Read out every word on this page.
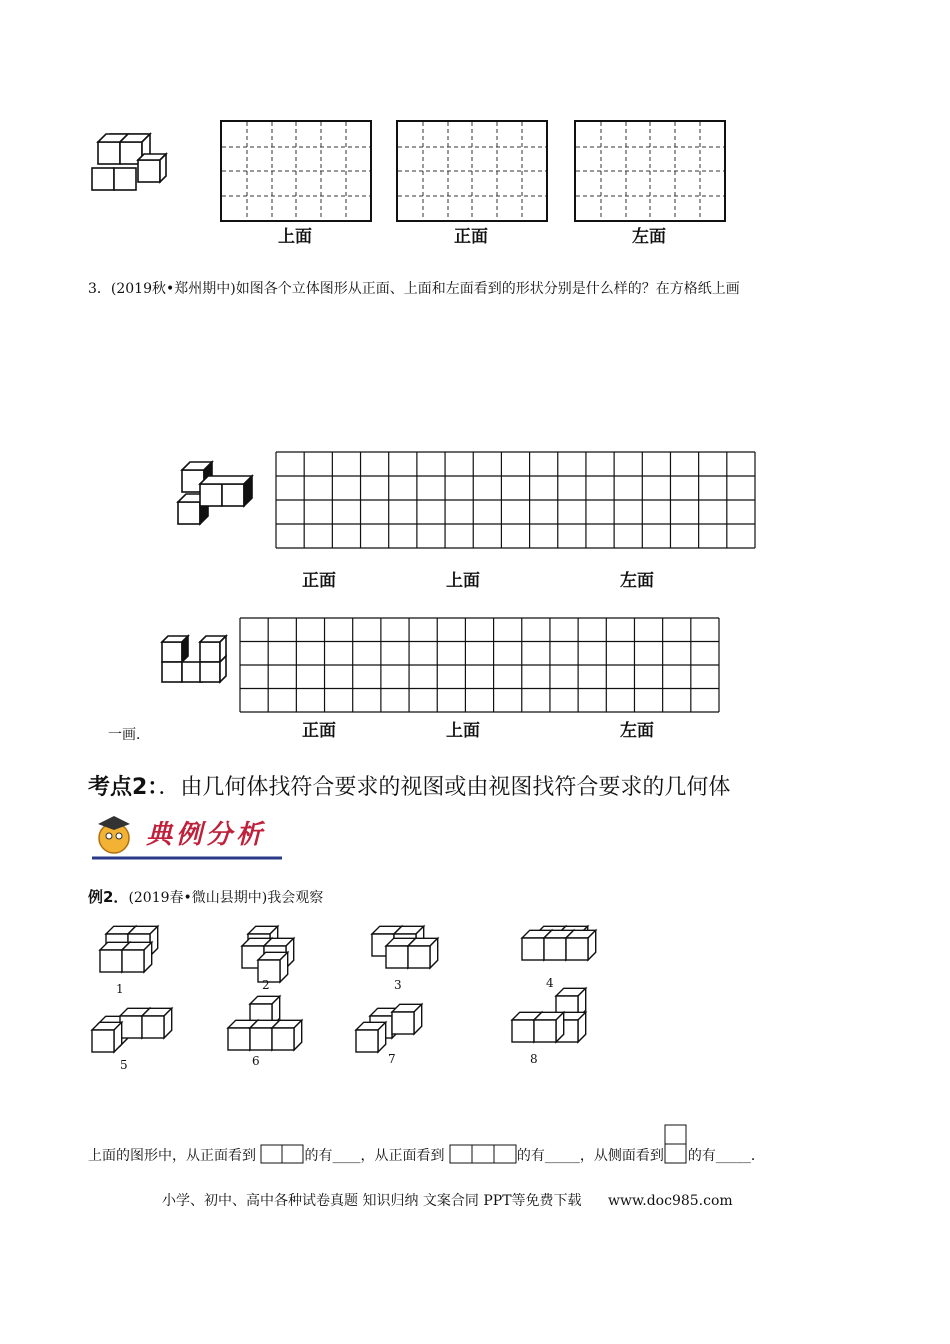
上面	正面	左面
3．(2019秋•郑州期中)如图各个立体图形从正面、上面和左面看到的形状分别是什么样的？在方格纸上画
正面	上面	左面
一画．	正面	上面	左面
考点2：．由几何体找符合要求的视图或由视图找符合要求的几何体
典例分析
例2．(2019春•微山县期中)我会观察
1	2	3	4
5	6	7	8
上面的图形中，从正面看到	的有____，从正面看到	的有_____，从侧面看到 的有_____．
小学、初中、高中各种试卷真题 知识归纳 文案合同 PPT等免费下载 www.doc985.com
